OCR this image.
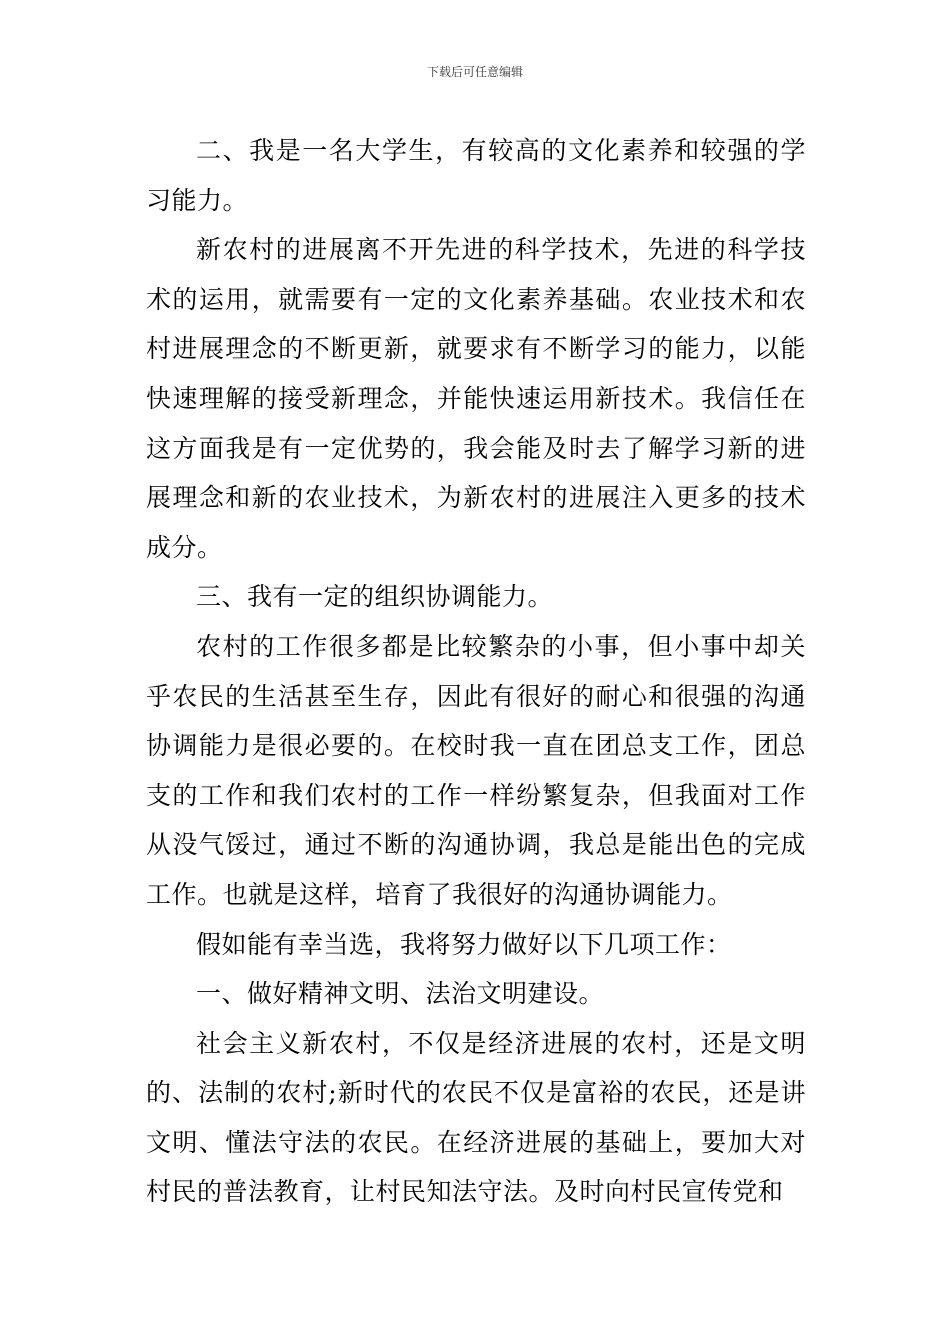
下载后可任意编辑

二、我是一名大学生，有较高的文化素养和较强的学习能力。

新农村的进展离不开先进的科学技术，先进的科学技术的运用，就需要有一定的文化素养基础。农业技术和农村进展理念的不断更新，就要求有不断学习的能力，以能快速理解的接受新理念，并能快速运用新技术。我信任在这方面我是有一定优势的，我会能及时去了解学习新的进展理念和新的农业技术，为新农村的进展注入更多的技术成分。

三、我有一定的组织协调能力。

农村的工作很多都是比较繁杂的小事，但小事中却关乎农民的生活甚至生存，因此有很好的耐心和很强的沟通协调能力是很必要的。在校时我一直在团总支工作，团总支的工作和我们农村的工作一样纷繁复杂，但我面对工作从没气馁过，通过不断的沟通协调，我总是能出色的完成工作。也就是这样，培育了我很好的沟通协调能力。

假如能有幸当选，我将努力做好以下几项工作：

一、做好精神文明、法治文明建设。

社会主义新农村，不仅是经济进展的农村，还是文明的、法制的农村;新时代的农民不仅是富裕的农民，还是讲文明、懂法守法的农民。在经济进展的基础上，要加大对村民的普法教育，让村民知法守法。及时向村民宣传党和
